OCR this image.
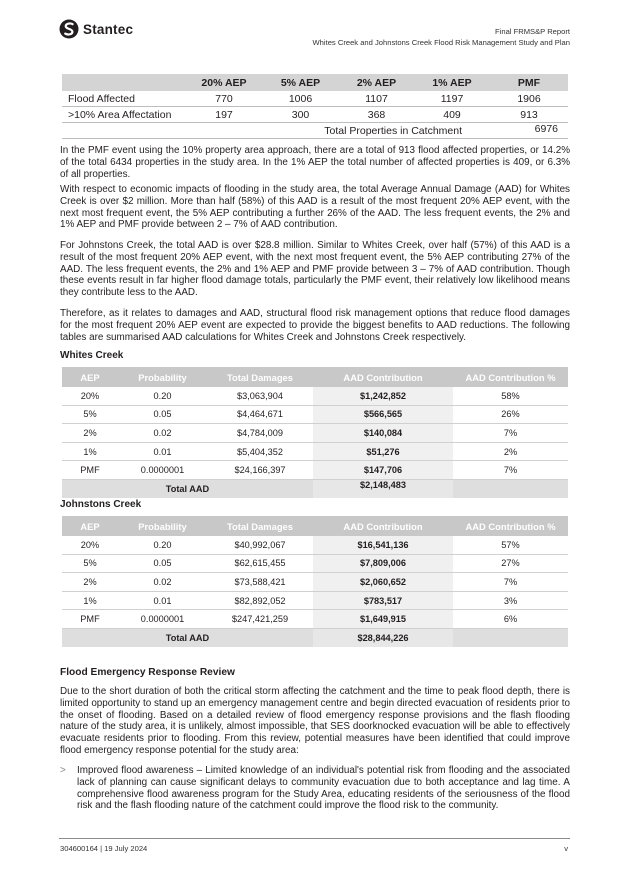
Stantec	Final FRMS&P Report
Whites Creek and Johnstons Creek Flood Risk Management Study and Plan
	20% AEP	5% AEP	2% AEP	1% AEP	PMF
Flood Affected	770	1006	1107	1197	1906
>10% Area Affectation	197	300	368	409	913
Total Properties in Catchment					6976

In the PMF event using the 10% property area approach, there are a total of 913 flood affected properties, or 14.2% of the total 6434 properties in the study area. In the 1% AEP the total number of affected properties is 409, or 6.3% of all properties.

With respect to economic impacts of flooding in the study area, the total Average Annual Damage (AAD) for Whites Creek is over $2 million. More than half (58%) of this AAD is a result of the most frequent 20% AEP event, with the next most frequent event, the 5% AEP contributing a further 26% of the AAD. The less frequent events, the 2% and 1% AEP and PMF provide between 2 – 7% of AAD contribution.

For Johnstons Creek, the total AAD is over $28.8 million. Similar to Whites Creek, over half (57%) of this AAD is a result of the most frequent 20% AEP event, with the next most frequent event, the 5% AEP contributing 27% of the AAD. The less frequent events, the 2% and 1% AEP and PMF provide between 3 – 7% of AAD contribution. Though these events result in far higher flood damage totals, particularly the PMF event, their relatively low likelihood means they contribute less to the AAD.

Therefore, as it relates to damages and AAD, structural flood risk management options that reduce flood damages for the most frequent 20% AEP event are expected to provide the biggest benefits to AAD reductions. The following tables are summarised AAD calculations for Whites Creek and Johnstons Creek respectively.

Whites Creek
AEP	Probability	Total Damages	AAD Contribution	AAD Contribution %
20%	0.20	$3,063,904	$1,242,852	58%
5%	0.05	$4,464,671	$566,565	26%
2%	0.02	$4,784,009	$140,084	7%
1%	0.01	$5,404,352	$51,276	2%
PMF	0.0000001	$24,166,397	$147,706	7%
Total AAD			$2,148,483	
Johnstons Creek
AEP	Probability	Total Damages	AAD Contribution	AAD Contribution %
20%	0.20	$40,992,067	$16,541,136	57%
5%	0.05	$62,615,455	$7,809,006	27%
2%	0.02	$73,588,421	$2,060,652	7%
1%	0.01	$82,892,052	$783,517	3%
PMF	0.0000001	$247,421,259	$1,649,915	6%
Total AAD			$28,844,226	
Flood Emergency Response Review

Due to the short duration of both the critical storm affecting the catchment and the time to peak flood depth, there is limited opportunity to stand up an emergency management centre and begin directed evacuation of residents prior to the onset of flooding. Based on a detailed review of flood emergency response provisions and the flash flooding nature of the study area, it is unlikely, almost impossible, that SES doorknocked evacuation will be able to effectively evacuate residents prior to flooding. From this review, potential measures have been identified that could improve flood emergency response potential for the study area:

> Improved flood awareness – Limited knowledge of an individual's potential risk from flooding and the associated lack of planning can cause significant delays to community evacuation due to both acceptance and lag time. A comprehensive flood awareness program for the Study Area, educating residents of the seriousness of the flood risk and the flash flooding nature of the catchment could improve the flood risk to the community.
304600164 | 19 July 2024	v
